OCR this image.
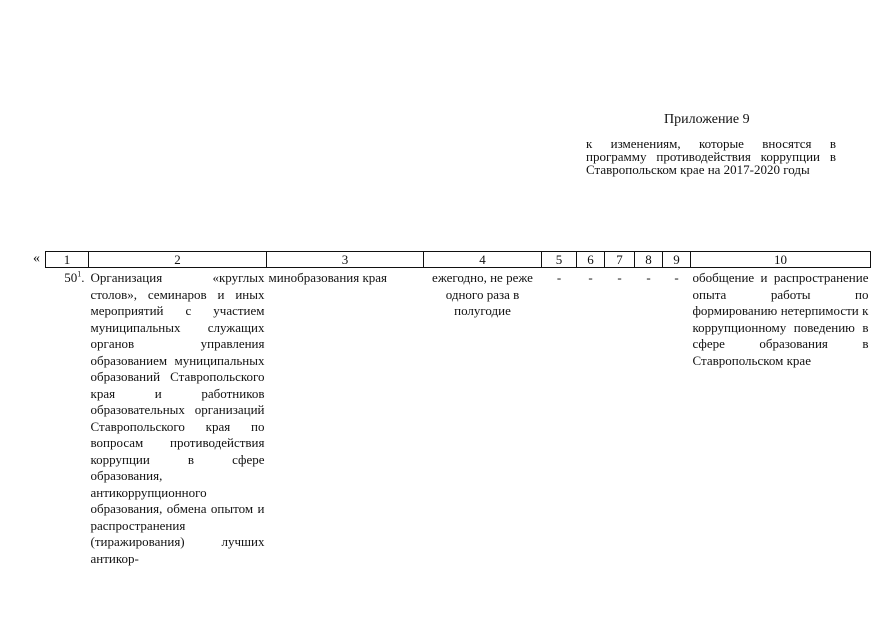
Приложение 9
к изменениям, которые вносятся в программу противодействия коррупции в Ставропольском крае на 2017-2020 годы
« 1	2	3	4	5	6	7	8	9	10
$50^1$.	Организация «круглых столов», семинаров и иных мероприятий с участием муниципальных служащих органов управления образованием муниципальных образований Ставропольского края и работников образовательных организаций Ставропольского края по вопросам противодействия коррупции в сфере образования, антикоррупционного образования, обмена опытом и распространения (тиражирования) лучших антикор-	минобразования края	ежегодно, не реже одного раза в полугодие	-	-	-	-	-	обобщение и распространение опыта работы по формированию нетерпимости к коррупционному поведению в сфере образования в Ставропольском крае
